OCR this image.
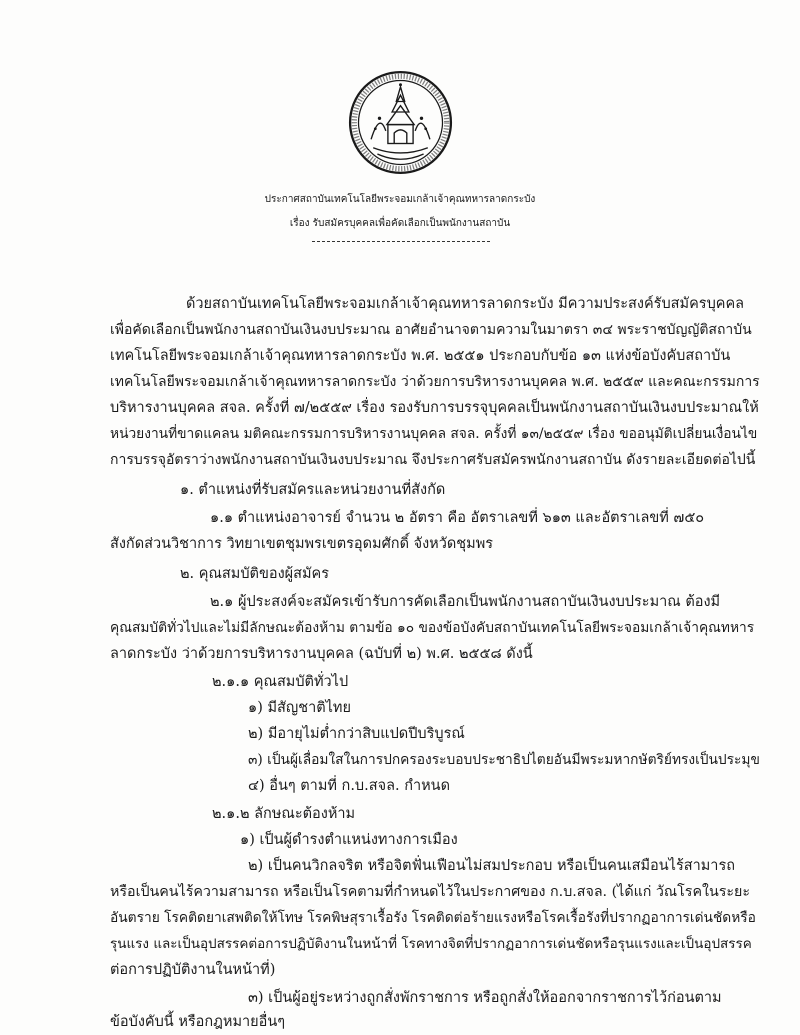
ประกาศสถาบันเทคโนโลยีพระจอมเกล้าเจ้าคุณทหารลาดกระบัง
เรื่อง รับสมัครบุคคลเพื่อคัดเลือกเป็นพนักงานสถาบัน
ด้วยสถาบันเทคโนโลยีพระจอมเกล้าเจ้าคุณทหารลาดกระบัง มีความประสงค์รับสมัครบุคคล
เพื่อคัดเลือกเป็นพนักงานสถาบันเงินงบประมาณ อาศัยอำนาจตามความในมาตรา ๓๔ พระราชบัญญัติสถาบัน
เทคโนโลยีพระจอมเกล้าเจ้าคุณทหารลาดกระบัง พ.ศ. ๒๕๕๑ ประกอบกับข้อ ๑๓ แห่งข้อบังคับสถาบัน
เทคโนโลยีพระจอมเกล้าเจ้าคุณทหารลาดกระบัง ว่าด้วยการบริหารงานบุคคล พ.ศ. ๒๕๕๙ และคณะกรรมการ
บริหารงานบุคคล สจล. ครั้งที่ ๗/๒๕๕๙ เรื่อง รองรับการบรรจุบุคคลเป็นพนักงานสถาบันเงินงบประมาณให้
หน่วยงานที่ขาดแคลน มติคณะกรรมการบริหารงานบุคคล สจล. ครั้งที่ ๑๓/๒๕๕๙ เรื่อง ขออนุมัติเปลี่ยนเงื่อนไข
การบรรจุอัตราว่างพนักงานสถาบันเงินงบประมาณ จึงประกาศรับสมัครพนักงานสถาบัน ดังรายละเอียดต่อไปนี้
๑. ตำแหน่งที่รับสมัครและหน่วยงานที่สังกัด
๑.๑ ตำแหน่งอาจารย์ จำนวน ๒ อัตรา คือ อัตราเลขที่ ๖๑๓ และอัตราเลขที่ ๗๕๐
สังกัดส่วนวิชาการ วิทยาเขตชุมพรเขตรอุดมศักดิ์ จังหวัดชุมพร
๒. คุณสมบัติของผู้สมัคร
๒.๑ ผู้ประสงค์จะสมัครเข้ารับการคัดเลือกเป็นพนักงานสถาบันเงินงบประมาณ ต้องมี
คุณสมบัติทั่วไปและไม่มีลักษณะต้องห้าม ตามข้อ ๑๐ ของข้อบังคับสถาบันเทคโนโลยีพระจอมเกล้าเจ้าคุณทหาร
ลาดกระบัง ว่าด้วยการบริหารงานบุคคล (ฉบับที่ ๒) พ.ศ. ๒๕๕๘ ดังนี้
๒.๑.๑ คุณสมบัติทั่วไป
๑) มีสัญชาติไทย
๒) มีอายุไม่ต่ำกว่าสิบแปดปีบริบูรณ์
๓) เป็นผู้เลื่อมใสในการปกครองระบอบประชาธิปไตยอันมีพระมหากษัตริย์ทรงเป็นประมุข
๔) อื่นๆ ตามที่ ก.บ.สจล. กำหนด
๒.๑.๒ ลักษณะต้องห้าม
๑) เป็นผู้ดำรงตำแหน่งทางการเมือง
๒) เป็นคนวิกลจริต หรือจิตฟั่นเฟือนไม่สมประกอบ หรือเป็นคนเสมือนไร้สามารถ
หรือเป็นคนไร้ความสามารถ หรือเป็นโรคตามที่กำหนดไว้ในประกาศของ ก.บ.สจล. (ได้แก่ วัณโรคในระยะ
อันตราย โรคติดยาเสพติดให้โทษ โรคพิษสุราเรื้อรัง โรคติดต่อร้ายแรงหรือโรคเรื้อรังที่ปรากฏอาการเด่นชัดหรือ
รุนแรง และเป็นอุปสรรคต่อการปฏิบัติงานในหน้าที่ โรคทางจิตที่ปรากฏอาการเด่นชัดหรือรุนแรงและเป็นอุปสรรค
ต่อการปฏิบัติงานในหน้าที่)
๓) เป็นผู้อยู่ระหว่างถูกสั่งพักราชการ หรือถูกสั่งให้ออกจากราชการไว้ก่อนตาม
ข้อบังคับนี้ หรือกฎหมายอื่นๆ
